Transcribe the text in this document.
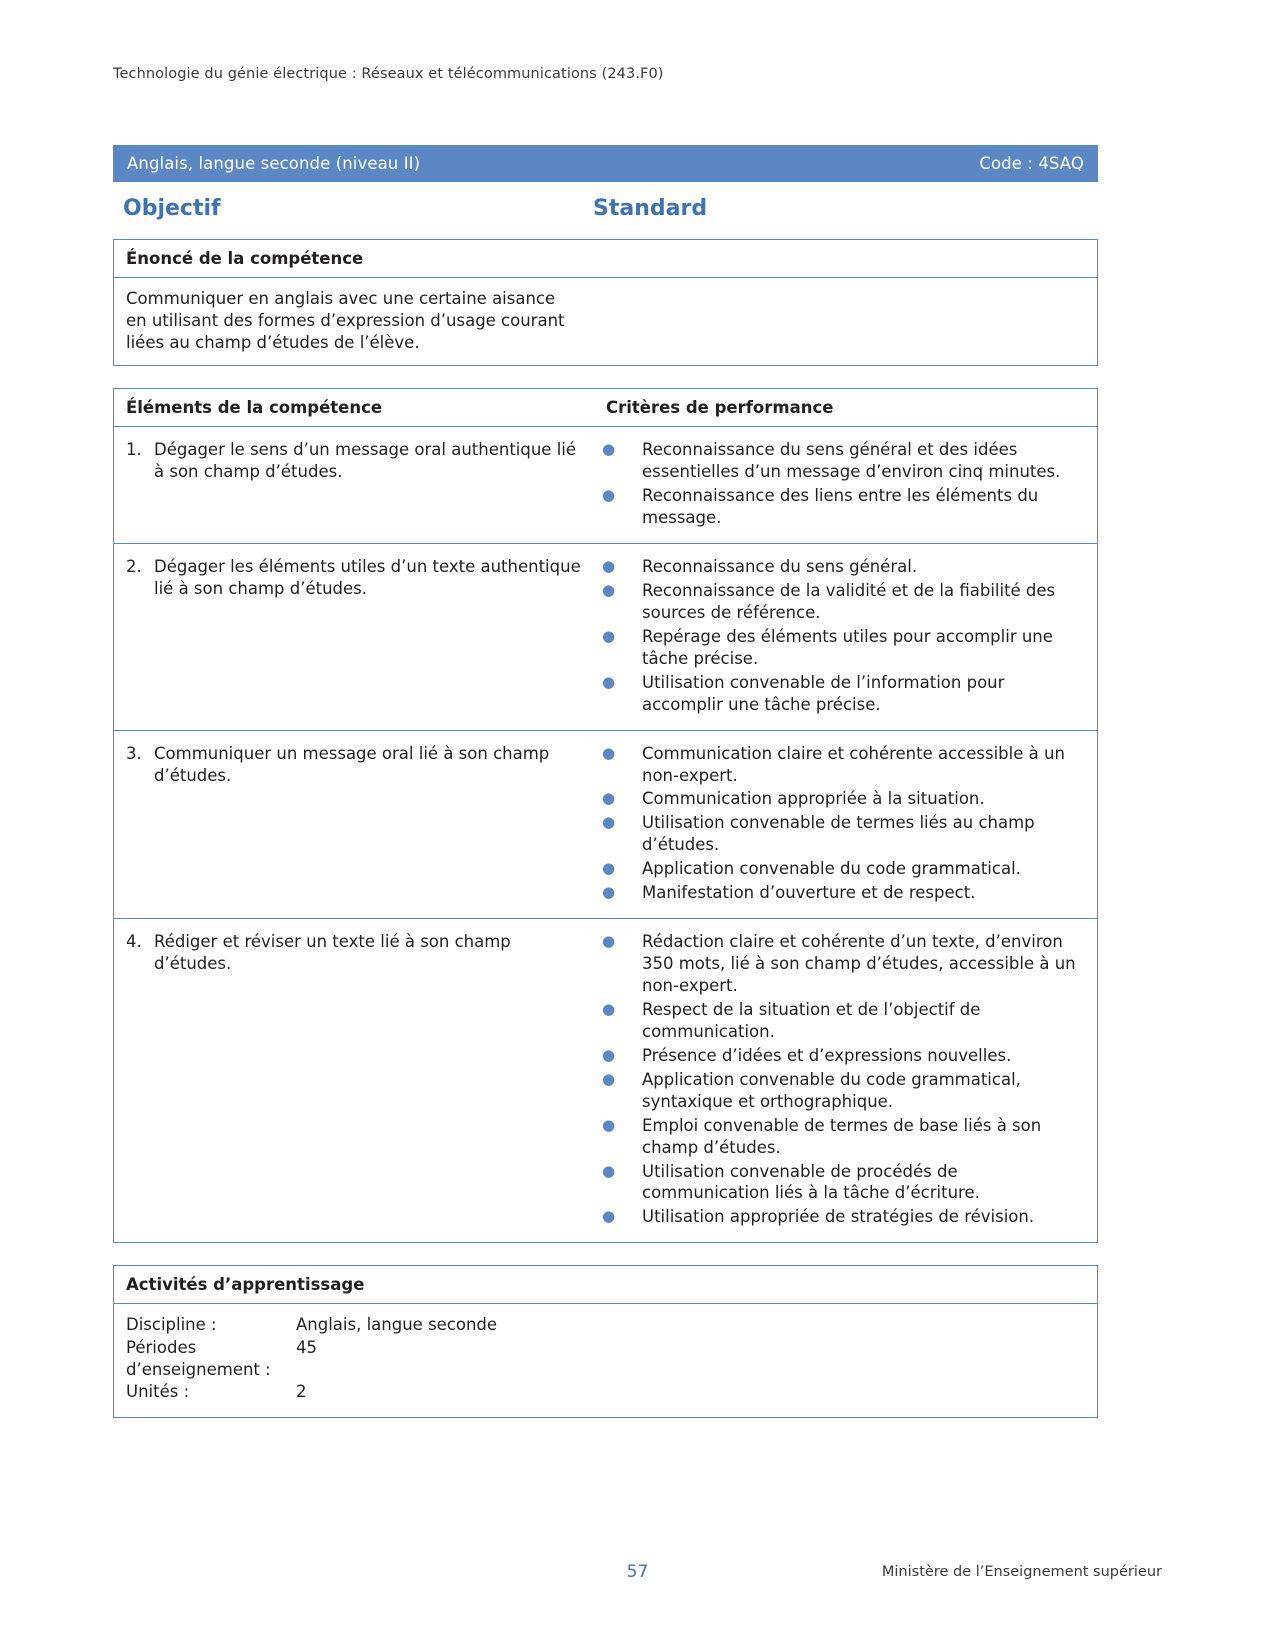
Technologie du génie électrique : Réseaux et télécommunications (243.F0)
Anglais, langue seconde (niveau II)	Code : 4SAQ
Objectif	Standard
Énoncé de la compétence
Communiquer en anglais avec une certaine aisance
en utilisant des formes d’expression d’usage courant
liées au champ d’études de l’élève.
Éléments de la compétence	Critères de performance
1. Dégager le sens d’un message oral authentique lié à son champ d’études.
●	Reconnaissance du sens général et des idées essentielles d’un message d’environ cinq minutes.
●	Reconnaissance des liens entre les éléments du message.
2. Dégager les éléments utiles d’un texte authentique lié à son champ d’études.
●	Reconnaissance du sens général.
●	Reconnaissance de la validité et de la fiabilité des sources de référence.
●	Repérage des éléments utiles pour accomplir une tâche précise.
●	Utilisation convenable de l’information pour accomplir une tâche précise.
3. Communiquer un message oral lié à son champ d’études.
●	Communication claire et cohérente accessible à un non-expert.
●	Communication appropriée à la situation.
●	Utilisation convenable de termes liés au champ d’études.
●	Application convenable du code grammatical.
●	Manifestation d’ouverture et de respect.
4. Rédiger et réviser un texte lié à son champ d’études.
●	Rédaction claire et cohérente d’un texte, d’environ 350 mots, lié à son champ d’études, accessible à un non-expert.
●	Respect de la situation et de l’objectif de communication.
●	Présence d’idées et d’expressions nouvelles.
●	Application convenable du code grammatical, syntaxique et orthographique.
●	Emploi convenable de termes de base liés à son champ d’études.
●	Utilisation convenable de procédés de communication liés à la tâche d’écriture.
●	Utilisation appropriée de stratégies de révision.
Activités d’apprentissage
Discipline :	Anglais, langue seconde
Périodes d’enseignement :
45
Unités :	2
57	Ministère de l’Enseignement supérieur
